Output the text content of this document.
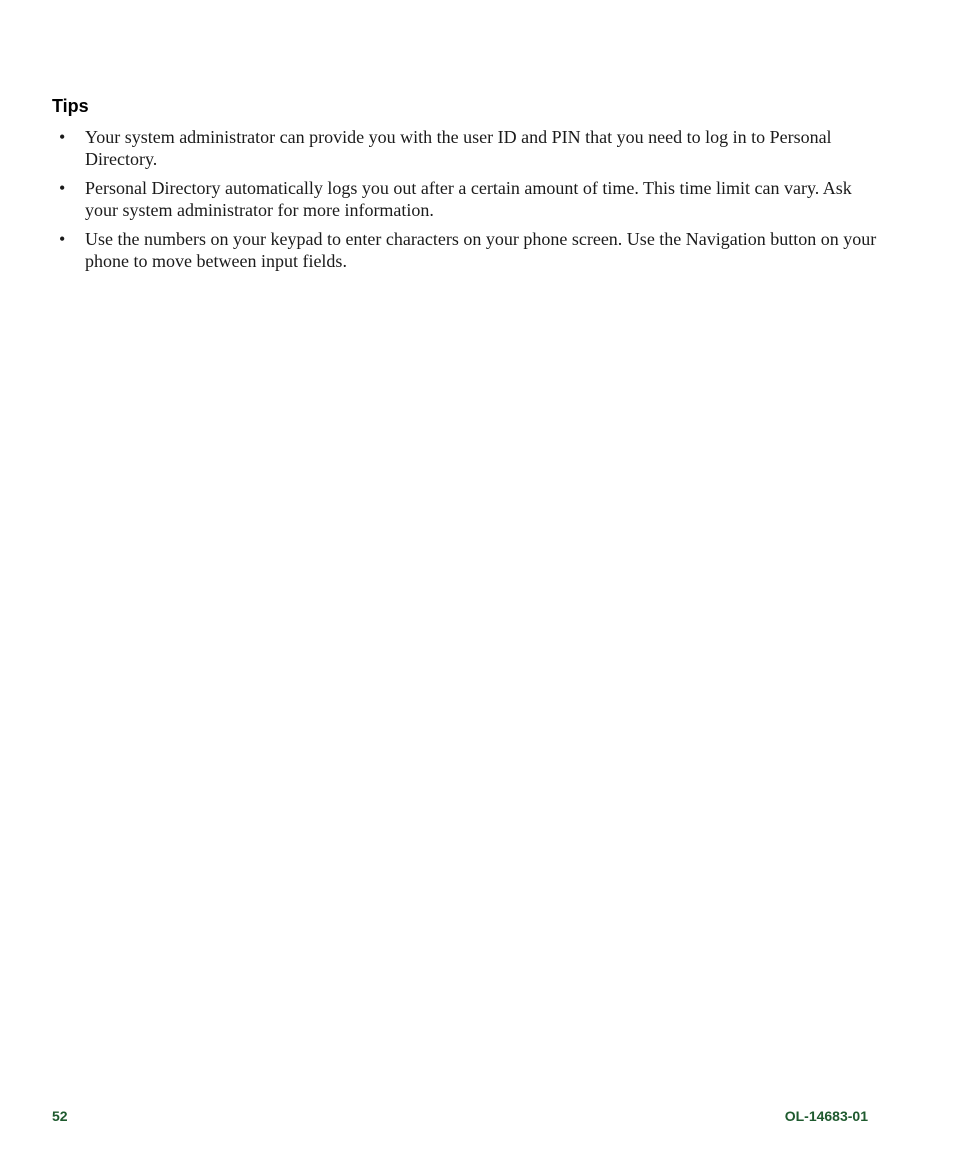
Tips
• Your system administrator can provide you with the user ID and PIN that you need to log in to Personal Directory.
• Personal Directory automatically logs you out after a certain amount of time. This time limit can vary. Ask your system administrator for more information.
• Use the numbers on your keypad to enter characters on your phone screen. Use the Navigation button on your phone to move between input fields.
52	OL-14683-01
